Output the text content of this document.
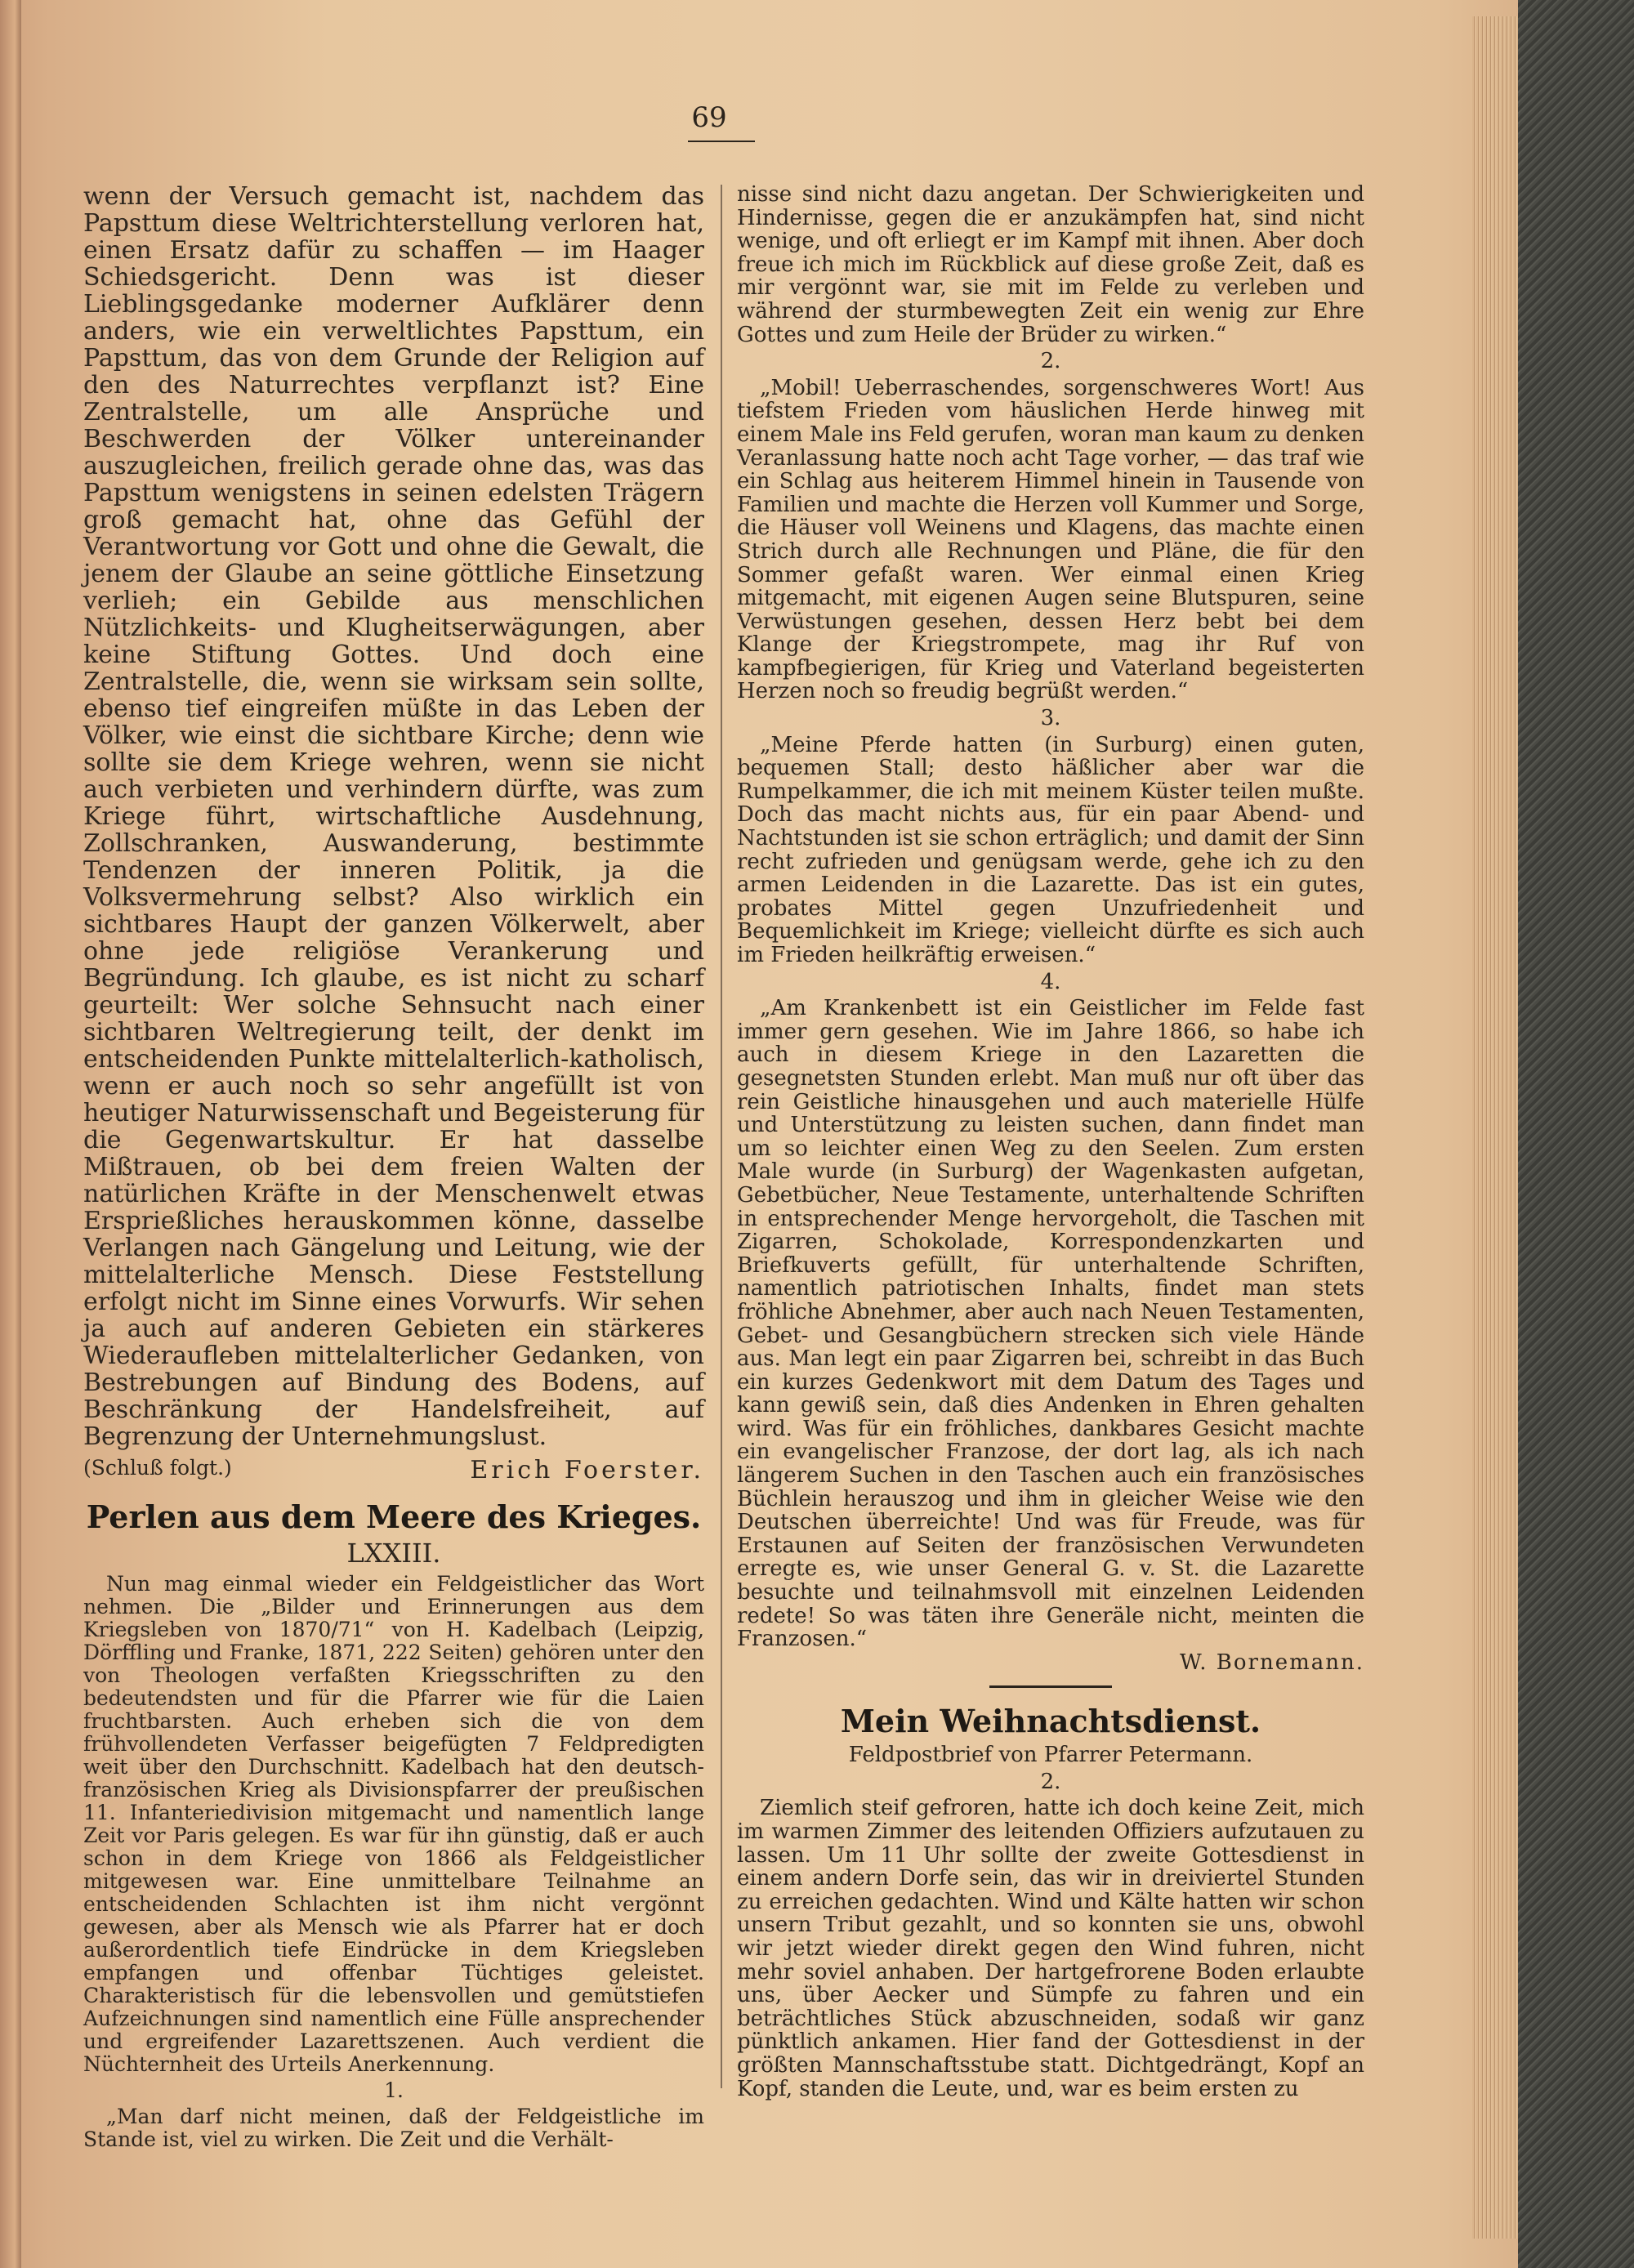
69

wenn der Versuch gemacht ist, nachdem das Papsttum diese Weltrichterstellung verloren hat, einen Ersatz dafür zu schaffen — im Haager Schiedsgericht. Denn was ist dieser Lieblingsgedanke moderner Aufklärer denn anders, wie ein verweltlichtes Papsttum, ein Papsttum, das von dem Grunde der Religion auf den des Naturrechtes verpflanzt ist? Eine Zentralstelle, um alle Ansprüche und Beschwerden der Völker untereinander auszugleichen, freilich gerade ohne das, was das Papsttum wenigstens in seinen edelsten Trägern groß gemacht hat, ohne das Gefühl der Verantwortung vor Gott und ohne die Gewalt, die jenem der Glaube an seine göttliche Einsetzung verlieh; ein Gebilde aus menschlichen Nützlichkeits- und Klugheitserwägungen, aber keine Stiftung Gottes. Und doch eine Zentralstelle, die, wenn sie wirksam sein sollte, ebenso tief eingreifen müßte in das Leben der Völker, wie einst die sichtbare Kirche; denn wie sollte sie dem Kriege wehren, wenn sie nicht auch verbieten und verhindern dürfte, was zum Kriege führt, wirtschaftliche Ausdehnung, Zollschranken, Auswanderung, bestimmte Tendenzen der inneren Politik, ja die Volksvermehrung selbst? Also wirklich ein sichtbares Haupt der ganzen Völkerwelt, aber ohne jede religiöse Verankerung und Begründung. Ich glaube, es ist nicht zu scharf geurteilt: Wer solche Sehnsucht nach einer sichtbaren Weltregierung teilt, der denkt im entscheidenden Punkte mittelalterlich-katholisch, wenn er auch noch so sehr angefüllt ist von heutiger Naturwissenschaft und Begeisterung für die Gegenwartskultur. Er hat dasselbe Mißtrauen, ob bei dem freien Walten der natürlichen Kräfte in der Menschenwelt etwas Ersprießliches herauskommen könne, dasselbe Verlangen nach Gängelung und Leitung, wie der mittelalterliche Mensch. Diese Feststellung erfolgt nicht im Sinne eines Vorwurfs. Wir sehen ja auch auf anderen Gebieten ein stärkeres Wiederaufleben mittelalterlicher Gedanken, von Bestrebungen auf Bindung des Bodens, auf Beschränkung der Handelsfreiheit, auf Begrenzung der Unternehmungslust.

(Schluß folgt.)	Erich Foerster.
Perlen aus dem Meere des Krieges.
LXXIII.

Nun mag einmal wieder ein Feldgeistlicher das Wort nehmen. Die „Bilder und Erinnerungen aus dem Kriegsleben von 1870/71“ von H. Kadelbach (Leipzig, Dörffling und Franke, 1871, 222 Seiten) gehören unter den von Theologen verfaßten Kriegsschriften zu den bedeutendsten und für die Pfarrer wie für die Laien fruchtbarsten. Auch erheben sich die von dem frühvollendeten Verfasser beigefügten 7 Feldpredigten weit über den Durchschnitt. Kadelbach hat den deutsch-französischen Krieg als Divisionspfarrer der preußischen 11. Infanteriedivision mitgemacht und namentlich lange Zeit vor Paris gelegen. Es war für ihn günstig, daß er auch schon in dem Kriege von 1866 als Feldgeistlicher mitgewesen war. Eine unmittelbare Teilnahme an entscheidenden Schlachten ist ihm nicht vergönnt gewesen, aber als Mensch wie als Pfarrer hat er doch außerordentlich tiefe Eindrücke in dem Kriegsleben empfangen und offenbar Tüchtiges geleistet. Charakteristisch für die lebensvollen und gemütstiefen Aufzeichnungen sind namentlich eine Fülle ansprechender und ergreifender Lazarettszenen. Auch verdient die Nüchternheit des Urteils Anerkennung.

1.

„Man darf nicht meinen, daß der Feldgeistliche im Stande ist, viel zu wirken. Die Zeit und die Verhält-

nisse sind nicht dazu angetan. Der Schwierigkeiten und Hindernisse, gegen die er anzukämpfen hat, sind nicht wenige, und oft erliegt er im Kampf mit ihnen. Aber doch freue ich mich im Rückblick auf diese große Zeit, daß es mir vergönnt war, sie mit im Felde zu verleben und während der sturmbewegten Zeit ein wenig zur Ehre Gottes und zum Heile der Brüder zu wirken.“

2.

„Mobil! Ueberraschendes, sorgenschweres Wort! Aus tiefstem Frieden vom häuslichen Herde hinweg mit einem Male ins Feld gerufen, woran man kaum zu denken Veranlassung hatte noch acht Tage vorher, — das traf wie ein Schlag aus heiterem Himmel hinein in Tausende von Familien und machte die Herzen voll Kummer und Sorge, die Häuser voll Weinens und Klagens, das machte einen Strich durch alle Rechnungen und Pläne, die für den Sommer gefaßt waren. Wer einmal einen Krieg mitgemacht, mit eigenen Augen seine Blutspuren, seine Verwüstungen gesehen, dessen Herz bebt bei dem Klange der Kriegstrompete, mag ihr Ruf von kampfbegierigen, für Krieg und Vaterland begeisterten Herzen noch so freudig begrüßt werden.“

3.

„Meine Pferde hatten (in Surburg) einen guten, bequemen Stall; desto häßlicher aber war die Rumpelkammer, die ich mit meinem Küster teilen mußte. Doch das macht nichts aus, für ein paar Abend- und Nachtstunden ist sie schon erträglich; und damit der Sinn recht zufrieden und genügsam werde, gehe ich zu den armen Leidenden in die Lazarette. Das ist ein gutes, probates Mittel gegen Unzufriedenheit und Bequemlichkeit im Kriege; vielleicht dürfte es sich auch im Frieden heilkräftig erweisen.“

4.

„Am Krankenbett ist ein Geistlicher im Felde fast immer gern gesehen. Wie im Jahre 1866, so habe ich auch in diesem Kriege in den Lazaretten die gesegnetsten Stunden erlebt. Man muß nur oft über das rein Geistliche hinausgehen und auch materielle Hülfe und Unterstützung zu leisten suchen, dann findet man um so leichter einen Weg zu den Seelen. Zum ersten Male wurde (in Surburg) der Wagenkasten aufgetan, Gebetbücher, Neue Testamente, unterhaltende Schriften in entsprechender Menge hervorgeholt, die Taschen mit Zigarren, Schokolade, Korrespondenzkarten und Briefkuverts gefüllt, für unterhaltende Schriften, namentlich patriotischen Inhalts, findet man stets fröhliche Abnehmer, aber auch nach Neuen Testamenten, Gebet- und Gesangbüchern strecken sich viele Hände aus. Man legt ein paar Zigarren bei, schreibt in das Buch ein kurzes Gedenkwort mit dem Datum des Tages und kann gewiß sein, daß dies Andenken in Ehren gehalten wird. Was für ein fröhliches, dankbares Gesicht machte ein evangelischer Franzose, der dort lag, als ich nach längerem Suchen in den Taschen auch ein französisches Büchlein herauszog und ihm in gleicher Weise wie den Deutschen überreichte! Und was für Freude, was für Erstaunen auf Seiten der französischen Verwundeten erregte es, wie unser General G. v. St. die Lazarette besuchte und teilnahmsvoll mit einzelnen Leidenden redete! So was täten ihre Generäle nicht, meinten die Franzosen.“

W. Bornemann.
Mein Weihnachtsdienst.
Feldpostbrief von Pfarrer Petermann.
2.

Ziemlich steif gefroren, hatte ich doch keine Zeit, mich im warmen Zimmer des leitenden Offiziers aufzutauen zu lassen. Um 11 Uhr sollte der zweite Gottesdienst in einem andern Dorfe sein, das wir in dreiviertel Stunden zu erreichen gedachten. Wind und Kälte hatten wir schon unsern Tribut gezahlt, und so konnten sie uns, obwohl wir jetzt wieder direkt gegen den Wind fuhren, nicht mehr soviel anhaben. Der hartgefrorene Boden erlaubte uns, über Aecker und Sümpfe zu fahren und ein beträchtliches Stück abzuschneiden, sodaß wir ganz pünktlich ankamen. Hier fand der Gottesdienst in der größten Mannschaftsstube statt. Dichtgedrängt, Kopf an Kopf, standen die Leute, und, war es beim ersten zu
